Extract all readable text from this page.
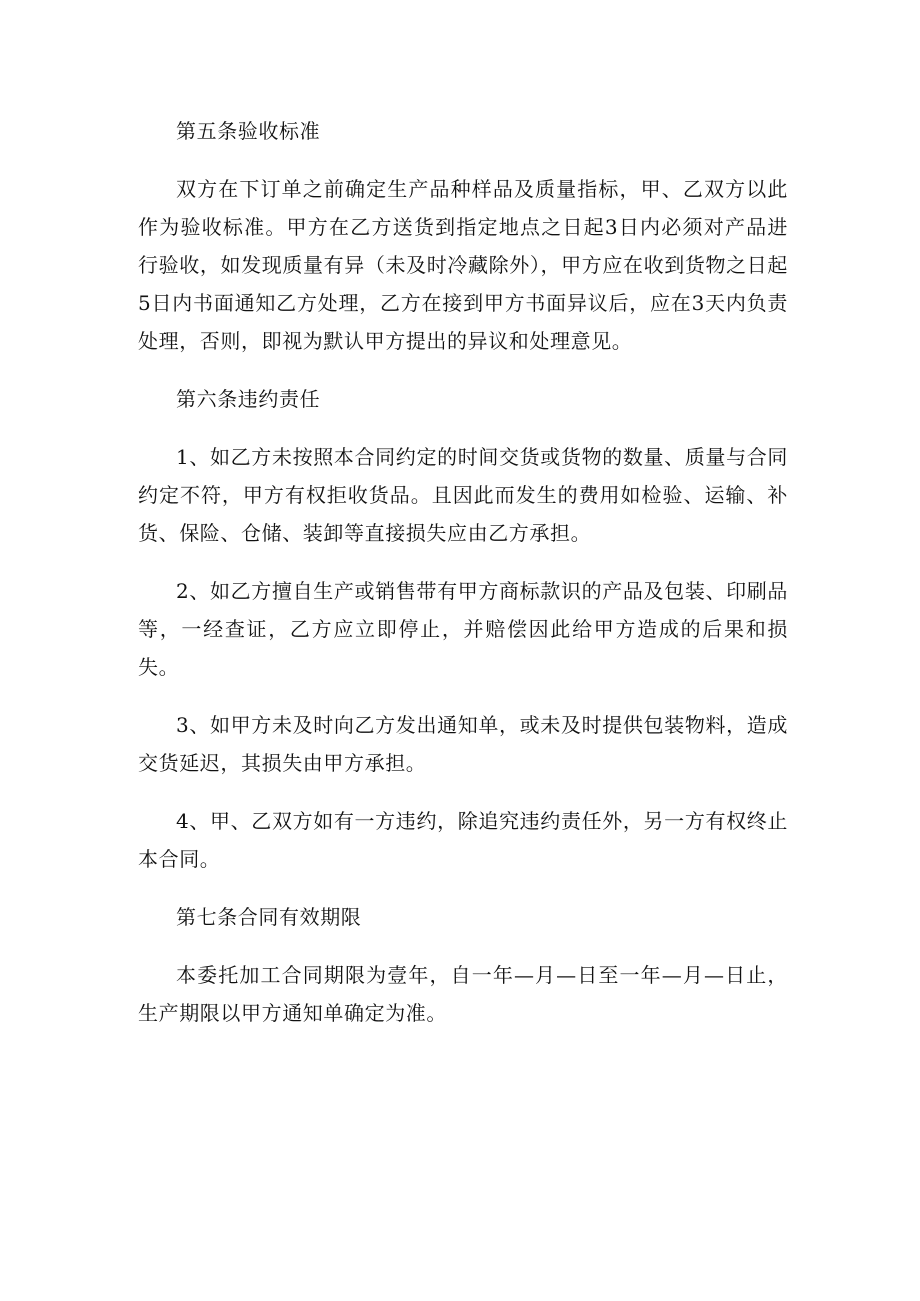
第五条验收标准

双方在下订单之前确定生产品种样品及质量指标，甲、乙双方以此作为验收标准。甲方在乙方送货到指定地点之日起3日内必须对产品进行验收，如发现质量有异（未及时冷藏除外），甲方应在收到货物之日起5日内书面通知乙方处理，乙方在接到甲方书面异议后，应在3天内负责处理，否则，即视为默认甲方提出的异议和处理意见。

第六条违约责任

1、如乙方未按照本合同约定的时间交货或货物的数量、质量与合同约定不符，甲方有权拒收货品。且因此而发生的费用如检验、运输、补货、保险、仓储、装卸等直接损失应由乙方承担。

2、如乙方擅自生产或销售带有甲方商标款识的产品及包装、印刷品等，一经查证，乙方应立即停止，并赔偿因此给甲方造成的后果和损失。

3、如甲方未及时向乙方发出通知单，或未及时提供包装物料，造成交货延迟，其损失由甲方承担。

4、甲、乙双方如有一方违约，除追究违约责任外，另一方有权终止本合同。

第七条合同有效期限

本委托加工合同期限为壹年，自一年—月—日至一年—月—日止，生产期限以甲方通知单确定为准。
